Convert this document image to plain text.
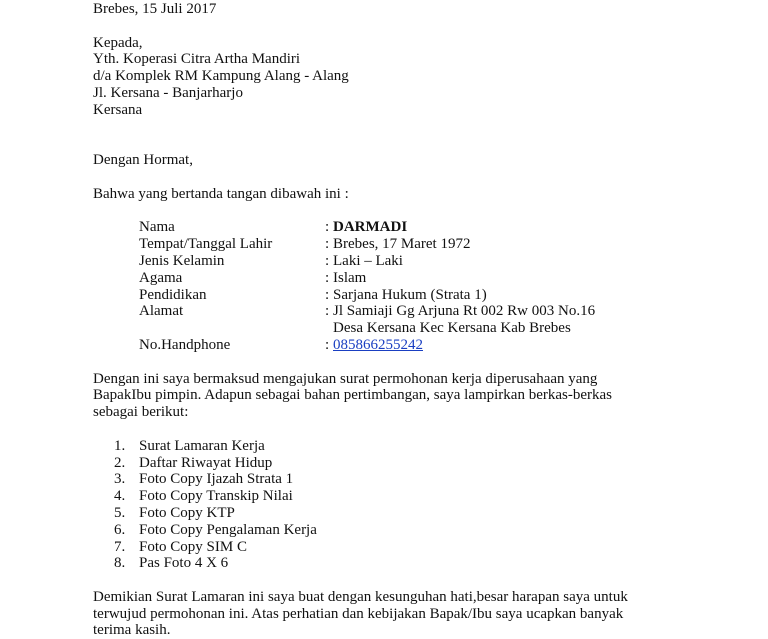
Brebes, 15 Juli 2017
Kepada,
Yth. Koperasi Citra Artha Mandiri
d/a Komplek RM Kampung Alang - Alang
Jl. Kersana - Banjarharjo
Kersana
Dengan Hormat,
Bahwa yang bertanda tangan dibawah ini :
Nama	: DARMADI
Tempat/Tanggal Lahir	: Brebes, 17 Maret 1972
Jenis Kelamin	: Laki – Laki
Agama	: Islam
Pendidikan	: Sarjana Hukum (Strata 1)
Alamat	: Jl Samiaji Gg Arjuna Rt 002 Rw 003 No.16
Desa Kersana Kec Kersana Kab Brebes
No.Handphone	: 085866255242
Dengan ini saya bermaksud mengajukan surat permohonan kerja diperusahaan yang
BapakIbu pimpin. Adapun sebagai bahan pertimbangan, saya lampirkan berkas-berkas
sebagai berikut:
1. Surat Lamaran Kerja
2. Daftar Riwayat Hidup
3. Foto Copy Ijazah Strata 1
4. Foto Copy Transkip Nilai
5. Foto Copy KTP
6. Foto Copy Pengalaman Kerja
7. Foto Copy SIM C
8. Pas Foto 4 X 6
Demikian Surat Lamaran ini saya buat dengan kesunguhan hati,besar harapan saya untuk
terwujud permohonan ini. Atas perhatian dan kebijakan Bapak/Ibu saya ucapkan banyak
terima kasih.
